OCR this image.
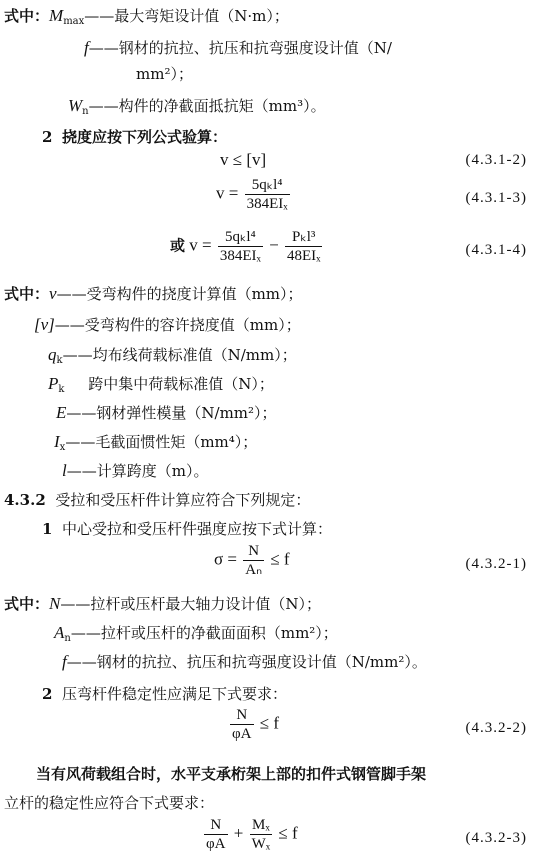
式中：$M_{max}——$最大弯矩设计值（N·m）；
f——钢材的抗拉、抗压和抗弯强度设计值（N/
mm²）；
$W_n——$构件的净截面抵抗矩（mm³）。
2 挠度应按下列公式验算：
v ≤ [v]	(4.3.1-2)
$v = \frac{\text{5qₖl⁴}}{\text{384EIₓ}}$	(4.3.1-3)
或 $v = \frac{\text{5qₖl⁴}}{\text{384EIₓ}} - \frac{\text{Pₖl³}}{\text{48EIₓ}}$	(4.3.1-4)
式中：v——受弯构件的挠度计算值（mm）；
[v]——受弯构件的容许挠度值（mm）；
$q_k——$均布线荷载标准值（N/mm）；
$P_k$ 跨中集中荷载标准值（N）；
E——钢材弹性模量（N/mm²）；
$I_x——$毛截面惯性矩（mm⁴）；
l——计算跨度（m）。
4.3.2 受拉和受压杆件计算应符合下列规定：
1 中心受拉和受压杆件强度应按下式计算：
$\sigma = \frac{N}{\text{Aₙ}} \le f$	(4.3.2-1)
式中：N——拉杆或压杆最大轴力设计值（N）；
$A_n——$拉杆或压杆的净截面面积（mm²）；
f——钢材的抗拉、抗压和抗弯强度设计值（N/mm²）。
2 压弯杆件稳定性应满足下式要求：
$\frac{N}{\varphi A} \le f$	(4.3.2-2)
当有风荷载组合时，水平支承桁架上部的扣件式钢管脚手架
立杆的稳定性应符合下式要求：
$\frac{N}{\varphi A} + \frac{\text{Mₓ}}{\text{Wₓ}} \le f$	(4.3.2-3)
